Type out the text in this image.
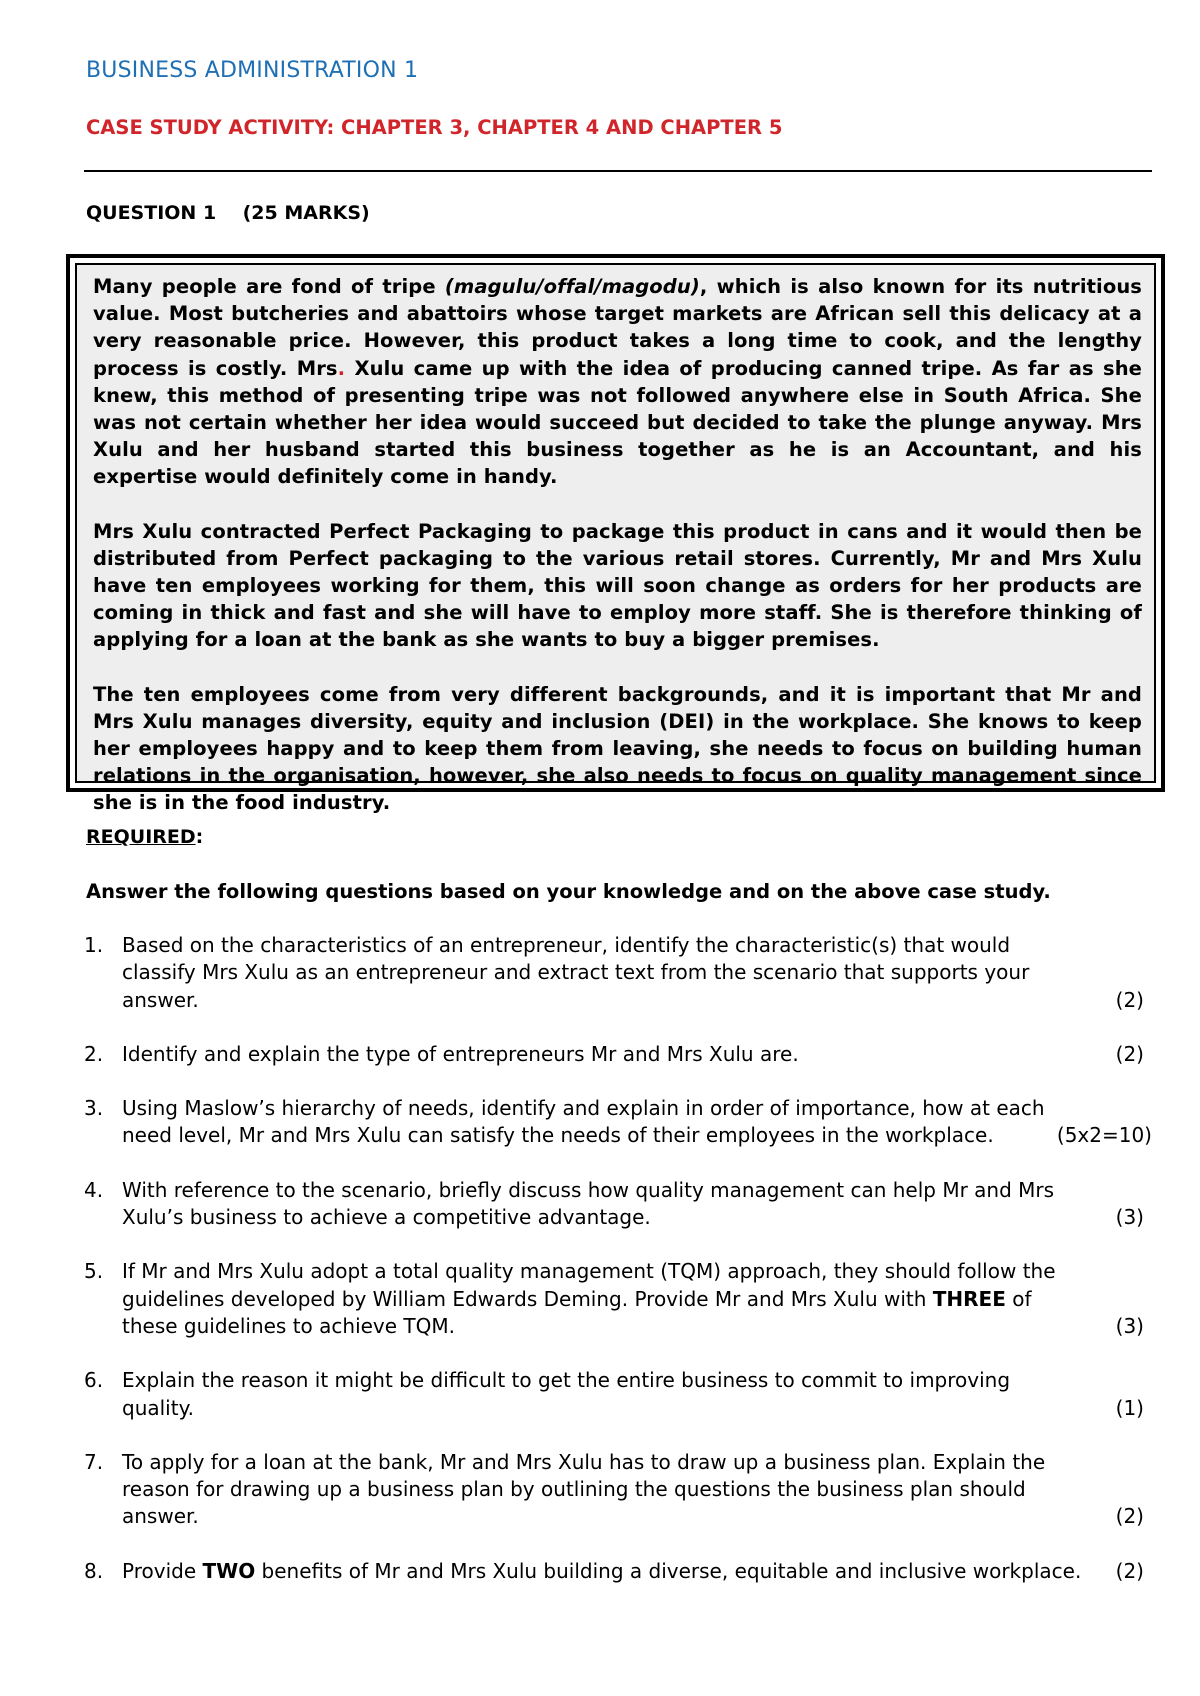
BUSINESS ADMINISTRATION 1
CASE STUDY ACTIVITY: CHAPTER 3, CHAPTER 4 AND CHAPTER 5
QUESTION 1    (25 MARKS)

Many people are fond of tripe (magulu/offal/magodu), which is also known for its nutritious value. Most butcheries and abattoirs whose target markets are African sell this delicacy at a very reasonable price. However, this product takes a long time to cook, and the lengthy process is costly. Mrs. Xulu came up with the idea of producing canned tripe. As far as she knew, this method of presenting tripe was not followed anywhere else in South Africa. She was not certain whether her idea would succeed but decided to take the plunge anyway. Mrs Xulu and her husband started this business together as he is an Accountant, and his expertise would definitely come in handy.

Mrs Xulu contracted Perfect Packaging to package this product in cans and it would then be distributed from Perfect packaging to the various retail stores. Currently, Mr and Mrs Xulu have ten employees working for them, this will soon change as orders for her products are coming in thick and fast and she will have to employ more staff. She is therefore thinking of applying for a loan at the bank as she wants to buy a bigger premises.

The ten employees come from very different backgrounds, and it is important that Mr and Mrs Xulu manages diversity, equity and inclusion (DEI) in the workplace. She knows to keep her employees happy and to keep them from leaving, she needs to focus on building human relations in the organisation, however, she also needs to focus on quality management since she is in the food industry.

REQUIRED:
Answer the following questions based on your knowledge and on the above case study.
1. Based on the characteristics of an entrepreneur, identify the characteristic(s) that would classify Mrs Xulu as an entrepreneur and extract text from the scenario that supports your answer.	(2)
2. Identify and explain the type of entrepreneurs Mr and Mrs Xulu are.	(2)
3. Using Maslow’s hierarchy of needs, identify and explain in order of importance, how at each need level, Mr and Mrs Xulu can satisfy the needs of their employees in the workplace.	(5x2=10)
4. With reference to the scenario, briefly discuss how quality management can help Mr and Mrs Xulu’s business to achieve a competitive advantage.	(3)
5. If Mr and Mrs Xulu adopt a total quality management (TQM) approach, they should follow the guidelines developed by William Edwards Deming. Provide Mr and Mrs Xulu with THREE of these guidelines to achieve TQM.	(3)
6. Explain the reason it might be difficult to get the entire business to commit to improving quality.	(1)
7. To apply for a loan at the bank, Mr and Mrs Xulu has to draw up a business plan. Explain the reason for drawing up a business plan by outlining the questions the business plan should answer.	(2)
8. Provide TWO benefits of Mr and Mrs Xulu building a diverse, equitable and inclusive workplace. (2)
